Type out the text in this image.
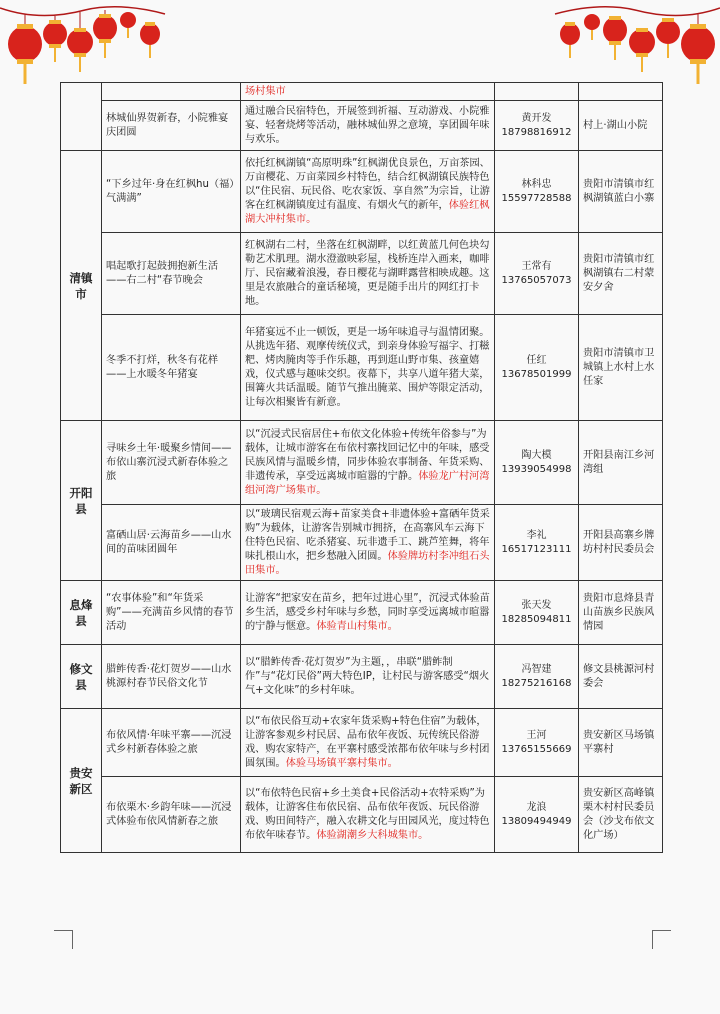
		场村集市		
	林城仙界贺新春，小院雅宴庆团圆	通过融合民宿特色，开展签到祈福、互动游戏、小院雅宴、轻奢烧烤等活动，融林城仙界之意境，享团圆年味与欢乐。	黄开发
18798816912	村上·湖山小院
清镇市	“下乡过年·身在红枫hu（福）气满满”	依托红枫湖镇“高原明珠”红枫湖优良景色，万亩茶园、万亩樱花、万亩菜园乡村特色，结合红枫湖镇民族特色以“住民宿、玩民俗、吃农家饭、享自然”为宗旨，让游客在红枫湖镇度过有温度、有烟火气的新年，体验红枫湖大冲村集市。	林科忠
15597728588	贵阳市清镇市红枫湖镇蓝白小寨
	唱起歌打起鼓拥抱新生活——右二村“春节晚会	红枫湖右二村，坐落在红枫湖畔，以红黄蓝几何色块勾勒艺术肌理。湖水澄澈映彩屋，栈桥连岸入画来，咖啡厅、民宿藏着浪漫，春日樱花与湖畔露营相映成趣。这里是农旅融合的童话秘境，更是随手出片的网红打卡地。	王常有
13765057073	贵阳市清镇市红枫湖镇右二村蒙安夕舍
	冬季不打烊，秋冬有花样——上水暖冬年猪宴	年猪宴远不止一顿饭，更是一场年味追寻与温情团聚。从挑选年猪、观摩传统仪式，到亲身体验写福字、打糍粑、烤肉腌肉等手作乐趣，再到逛山野市集、孩童嬉戏，仪式感与趣味交织。夜幕下，共享八道年猪大菜，围篝火共话温暖。随节气推出腌菜、围炉等限定活动，让每次相聚皆有新意。	任红
13678501999	贵阳市清镇市卫城镇上水村上水任家
开阳县	寻味乡土年·暖聚乡情间——布依山寨沉浸式新春体验之旅	以“沉浸式民宿居住+布依文化体验+传统年俗参与”为载体，让城市游客在布依村寨找回记忆中的年味，感受民族风情与温暖乡情，同步体验农事制备、年货采购、非遗传承，享受远离城市暄嚣的宁静。体验龙广村河湾组河湾广场集市。	陶大模
13939054998	开阳县南江乡河湾组
	富硒山居·云海苗乡——山水间的苗味团圆年	以“玻璃民宿观云海+苗家美食+非遗体验+富硒年货采购”为载体，让游客告别城市拥挤，在高寨风车云海下住特色民宿、吃杀猪宴、玩非遗手工、跳芦笙舞，将年味扎根山水，把乡愁融入团圆。体验牌坊村李冲组石头田集市。	李礼
16517123111	开阳县高寨乡牌坊村村民委员会
息烽县	“农事体验”和“年货采购”——充满苗乡风情的春节活动	让游客“把家安在苗乡，把年过进心里”，沉浸式体验苗乡生活，感受乡村年味与乡愁，同时享受远离城市暄嚣的宁静与惬意。体验青山村集市。	张天发
18285094811	贵阳市息烽县青山苗族乡民族风情园
修文县	腊鲊传香·花灯贺岁——山水桃源村春节民俗文化节	以“腊鲊传香·花灯贺岁”为主题，，串联“腊鲊制作”与“花灯民俗”两大特色IP，让村民与游客感受“烟火气+文化味”的乡村年味。	冯智建
18275216168	修文县桃源河村委会
贵安新区	布依风情·年味平寨——沉浸式乡村新春体验之旅	以“布依民俗互动+农家年货采购+特色住宿”为载体，让游客参观乡村民居、品布依年夜饭、玩传统民俗游戏、购农家特产，在平寨村感受浓都布依年味与乡村团圆氛围。体验马场镇平寨村集市。	王河
13765155669	贵安新区马场镇平寨村
	布依栗木·乡韵年味——沉浸式体验布依风情新春之旅	以“布依特色民宿+乡土美食+民俗活动+农特采购”为载体，让游客住布依民宿、品布依年夜饭、玩民俗游戏、购田间特产，融入农耕文化与田园风光，度过特色布依年味春节。体验湖潮乡大科城集市。	龙浪
13809494949	贵安新区高峰镇栗木村村民委员会（沙戈布依文化广场）
